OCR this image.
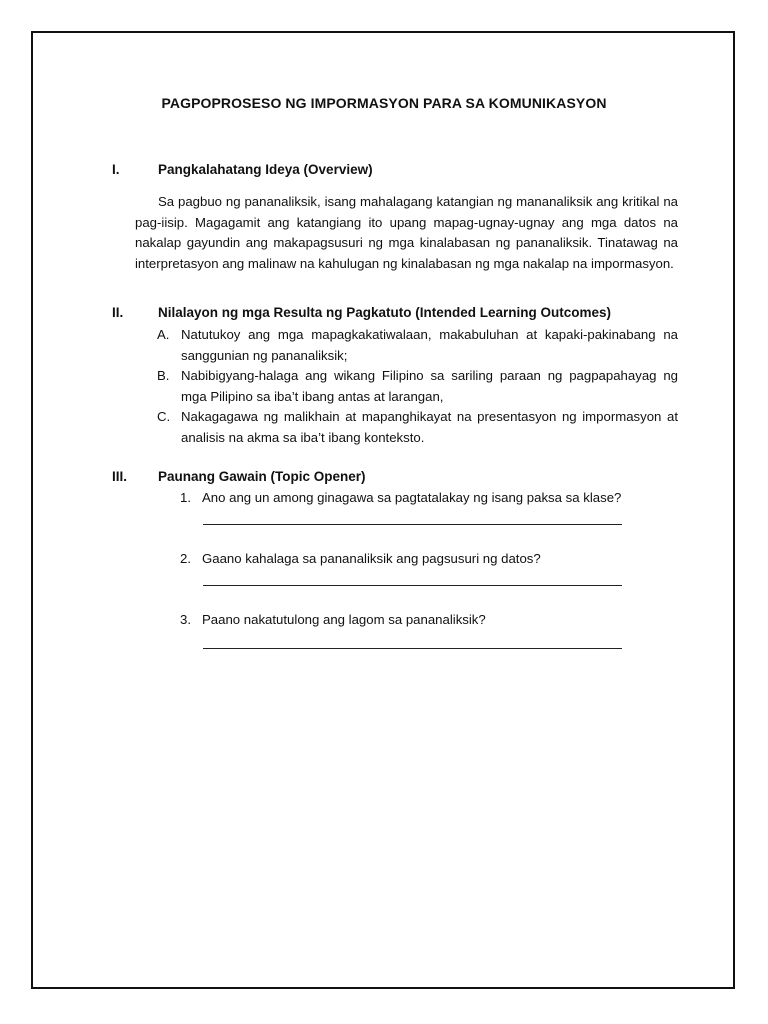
PAGPOPROSESO NG IMPORMASYON PARA SA KOMUNIKASYON
I.	Pangkalahatang Ideya (Overview)

Sa pagbuo ng pananaliksik, isang mahalagang katangian ng mananaliksik ang kritikal na pag-iisip. Magagamit ang katangiang ito upang mapag-ugnay-ugnay ang mga datos na nakalap gayundin ang makapagsusuri ng mga kinalabasan ng pananaliksik. Tinatawag na interpretasyon ang malinaw na kahulugan ng kinalabasan ng mga nakalap na impormasyon.

II.	Nilalayon ng mga Resulta ng Pagkatuto (Intended Learning Outcomes)
A. Natutukoy ang mga mapagkakatiwalaan, makabuluhan at kapaki-pakinabang na sanggunian ng pananaliksik;
B. Nabibigyang-halaga ang wikang Filipino sa sariling paraan ng pagpapahayag ng mga Pilipino sa iba’t ibang antas at larangan,
C. Nakagagawa ng malikhain at mapanghikayat na presentasyon ng impormasyon at analisis na akma sa iba’t ibang konteksto.
III.	Paunang Gawain (Topic Opener)
1. Ano ang un among ginagawa sa pagtatalakay ng isang paksa sa klase?
2. Gaano kahalaga sa pananaliksik ang pagsusuri ng datos?
3. Paano nakatutulong ang lagom sa pananaliksik?
